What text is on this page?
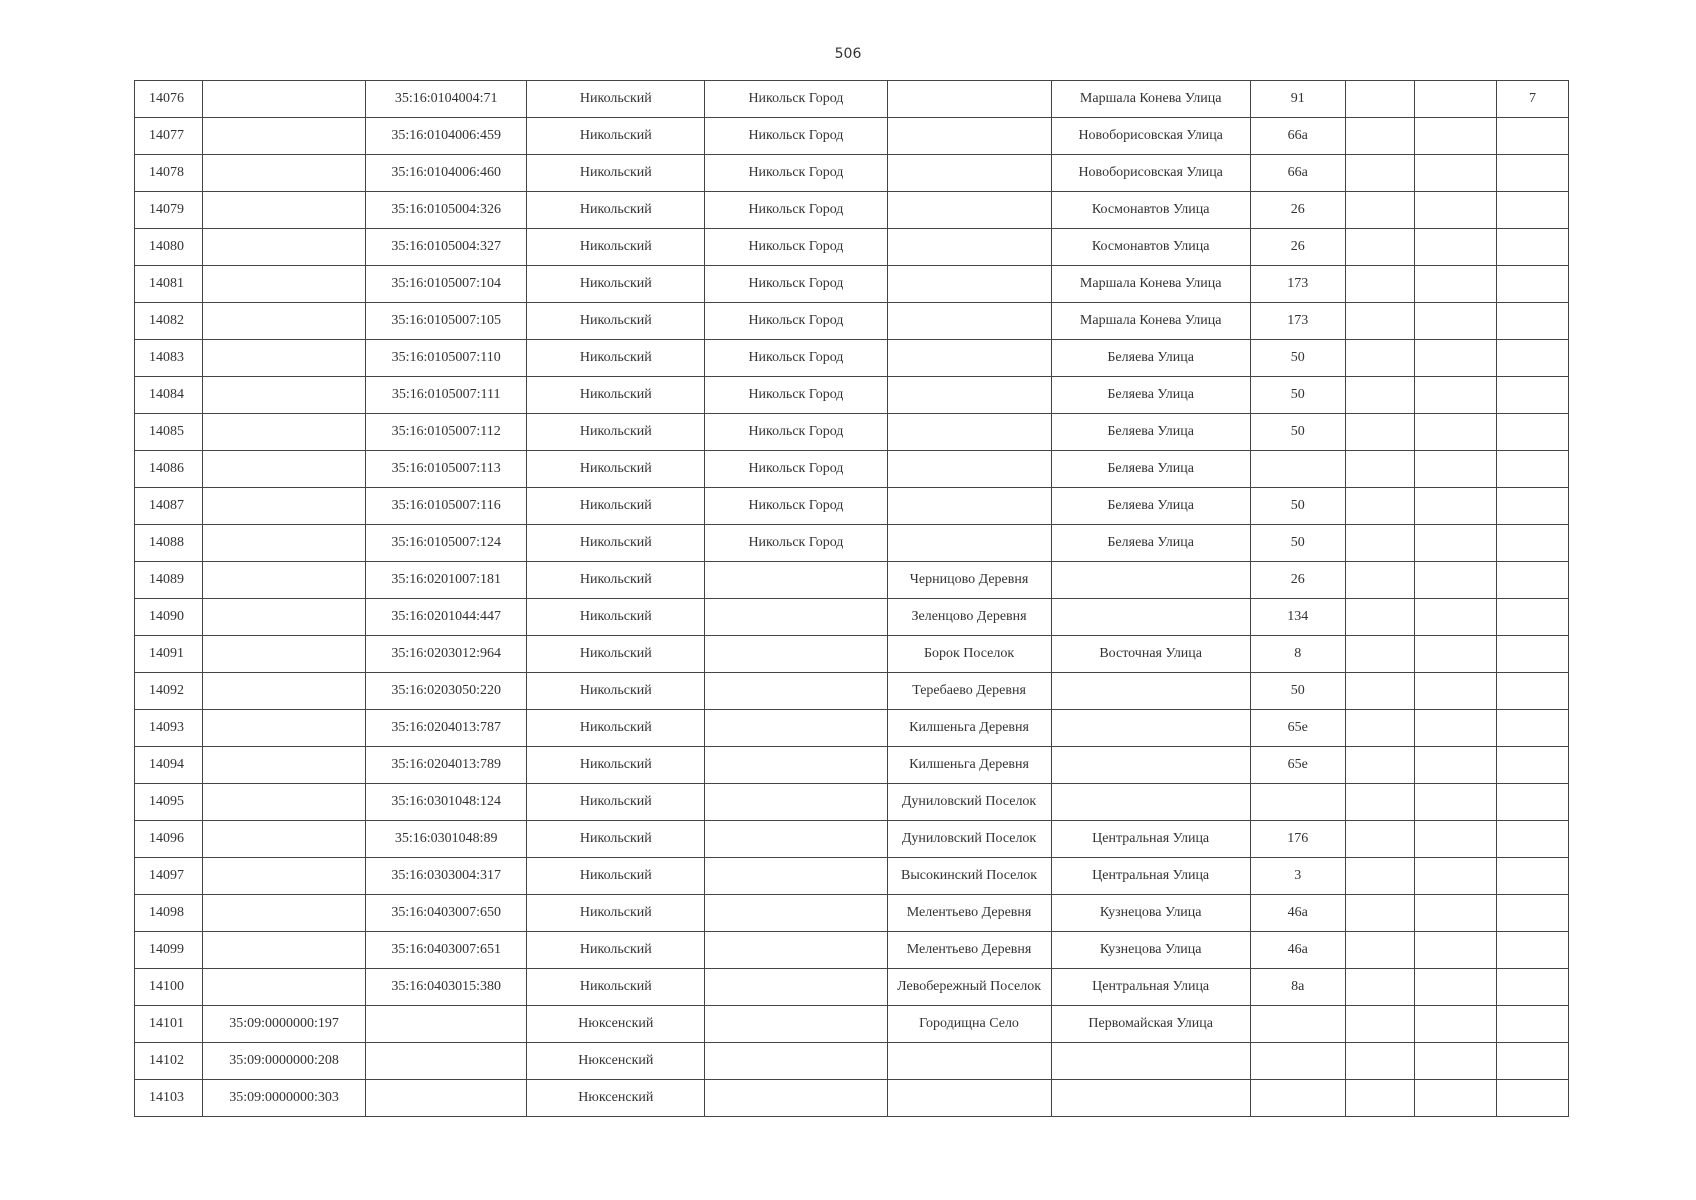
506
14076		35:16:0104004:71	Никольский	Никольск Город		Маршала Конева Улица	91			7
14077		35:16:0104006:459	Никольский	Никольск Город		Новоборисовская Улица	66а			
14078		35:16:0104006:460	Никольский	Никольск Город		Новоборисовская Улица	66а			
14079		35:16:0105004:326	Никольский	Никольск Город		Космонавтов Улица	26			
14080		35:16:0105004:327	Никольский	Никольск Город		Космонавтов Улица	26			
14081		35:16:0105007:104	Никольский	Никольск Город		Маршала Конева Улица	173			
14082		35:16:0105007:105	Никольский	Никольск Город		Маршала Конева Улица	173			
14083		35:16:0105007:110	Никольский	Никольск Город		Беляева Улица	50			
14084		35:16:0105007:111	Никольский	Никольск Город		Беляева Улица	50			
14085		35:16:0105007:112	Никольский	Никольск Город		Беляева Улица	50			
14086		35:16:0105007:113	Никольский	Никольск Город		Беляева Улица				
14087		35:16:0105007:116	Никольский	Никольск Город		Беляева Улица	50			
14088		35:16:0105007:124	Никольский	Никольск Город		Беляева Улица	50			
14089		35:16:0201007:181	Никольский		Черницово Деревня		26			
14090		35:16:0201044:447	Никольский		Зеленцово Деревня		134			
14091		35:16:0203012:964	Никольский		Борок Поселок	Восточная Улица	8			
14092		35:16:0203050:220	Никольский		Теребаево Деревня		50			
14093		35:16:0204013:787	Никольский		Килшеньга Деревня		65е			
14094		35:16:0204013:789	Никольский		Килшеньга Деревня		65е			
14095		35:16:0301048:124	Никольский		Дуниловский Поселок					
14096		35:16:0301048:89	Никольский		Дуниловский Поселок	Центральная Улица	176			
14097		35:16:0303004:317	Никольский		Высокинский Поселок	Центральная Улица	3			
14098		35:16:0403007:650	Никольский		Мелентьево Деревня	Кузнецова Улица	46а			
14099		35:16:0403007:651	Никольский		Мелентьево Деревня	Кузнецова Улица	46а			
14100		35:16:0403015:380	Никольский		Левобережный Поселок	Центральная Улица	8а			
14101	35:09:0000000:197		Нюксенский		Городищна Село	Первомайская Улица				
14102	35:09:0000000:208		Нюксенский							
14103	35:09:0000000:303		Нюксенский							
